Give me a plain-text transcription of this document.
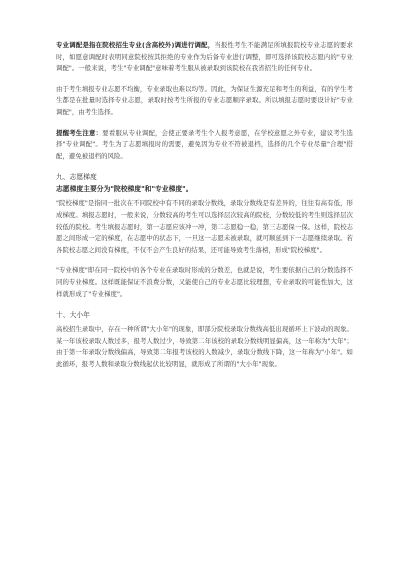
专业调配是指在院校招生专业(含高校外)调进行调配，当报性考生不能满足所填报院校专业志愿的要求时，如愿意调配时表明同意院校按其拒绝的专业作为后备专业进行调整，即可选择该院校志愿内的"专业调配"。一般来说，考生"专业调配"意味着考生服从被录取到该院校在我省招生的任何专业。

由于考生填报专业志愿不均衡，专业录取也难以均等。因此，为保证生源充足和考生的利益，有的学生考生都是在批量时选择专业志愿，录取时按考生所报的专业志愿顺序录取。所以填报志愿时要设计好"专业调配"，由考生选择。

提醒考生注意：要看服从专业调配，会使正要录考生个人报考意愿，在学校意愿之外专业，建议考生选择"专业调配"。考生为了志愿填报时的需要，避免因为专业不符被退档，选择的几个专业尽量"合理"搭配，避免被退档的风险。

九、志愿梯度

志愿梯度主要分为"院校梯度"和"专业梯度"。

"院校梯度"是指同一批次在不同院校中有不同的录取分数线，录取分数线是有差异的，往往有高有低，形成梯度。填报志愿时，一般来说，分数较高的考生可以选择层次较高的院校，分数较低的考生则选择层次较低的院校。考生填报志愿时，第一志愿应该冲一冲，第二志愿稳一稳，第三志愿保一保。这样，院校志愿之间形成一定的梯度，在志愿中的状态下，一旦这一志愿未被录取，就可顺延到下一志愿继续录取。若各院校志愿之间没有梯度，不仅不会产生良好的结果，还可能导致考生落榜，形成"院校梯度"。

"专业梯度"即在同一院校中的各个专业在录取时形成的分数差，也就是说，考生要依据自己的分数选择不同的专业梯度。这样既能保证不浪费分数，又能使自己的专业志愿比较理想，专业录取的可能性加大，这样就形成了"专业梯度"。

十、大小年

高校招生录取中，存在一种所谓"大小年"的现象，即部分院校录取分数线高低出现循环上下波动的现象。某一年该校录取人数过多，报考人数过少，导致第二年该校的录取分数线明显偏高，这一年称为"大年"；由于第一年录取分数线偏高，导致第二年报考该校的人数减少，录取分数线下降，这一年称为"小年"。如此循环，报考人数和录取分数线起伏比较明显，就形成了所谓的"大小年"现象。
